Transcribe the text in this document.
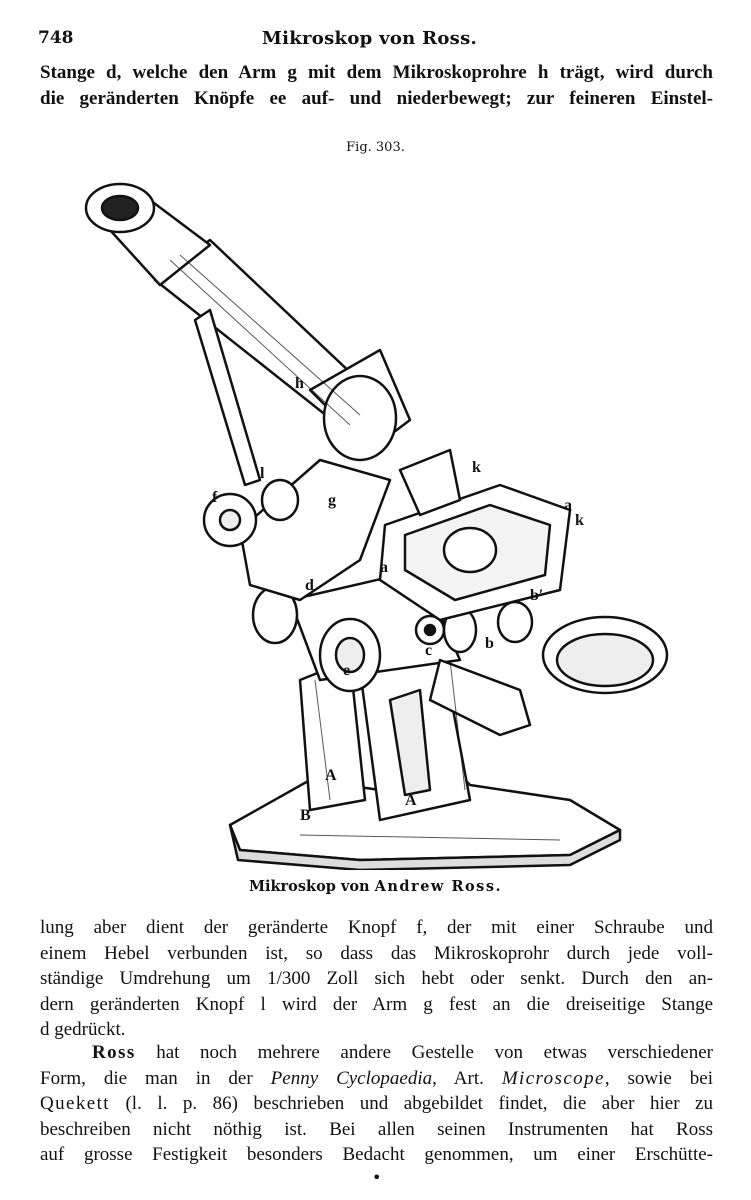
748	Mikroskop von Ross.
Stange d, welche den Arm g mit dem Mikroskoprohre h trägt, wird durch
die geränderten Knöpfe ee auf- und niederbewegt; zur feineren Einstel-
Fig. 303.
h
l
f	g
k
k
a
a
d
e
c	b
b′
A
A
B
Mikroskop von Andrew Ross.
lung aber dient der geränderte Knopf f, der mit einer Schraube und
einem Hebel verbunden ist, so dass das Mikroskoprohr durch jede voll-
ständige Umdrehung um 1/300 Zoll sich hebt oder senkt. Durch den an-
dern geränderten Knopf l wird der Arm g fest an die dreiseitige Stange
d gedrückt.
Ross hat noch mehrere andere Gestelle von etwas verschiedener
Form, die man in der Penny Cyclopaedia, Art. Microscope, sowie bei
Quekett (l. l. p. 86) beschrieben und abgebildet findet, die aber hier zu
beschreiben nicht nöthig ist. Bei allen seinen Instrumenten hat Ross
auf grosse Festigkeit besonders Bedacht genommen, um einer Erschütte-
•
